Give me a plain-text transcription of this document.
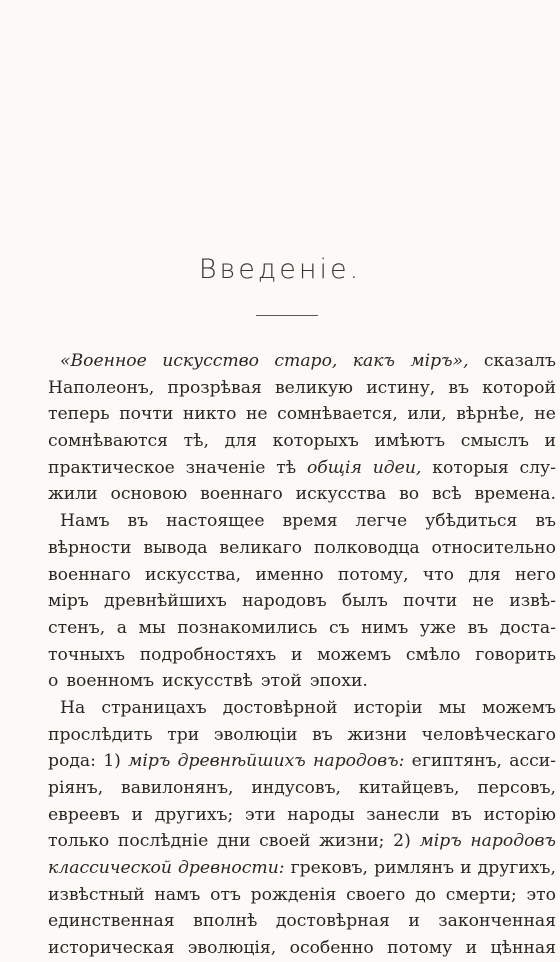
Введенiе.
«Военное искусство старо, какъ мiръ», сказалъ
Наполеонъ, прозрѣвая великую истину, въ которой
теперь почти никто не сомнѣвается, или, вѣрнѣе, не
сомнѣваются тѣ, для которыхъ имѣютъ смыслъ и
практическое значенiе тѣ общiя идеи, которыя слу-
жили основою военнаго искусства во всѣ времена.
Намъ въ настоящее время легче убѣдиться въ
вѣрности вывода великаго полководца относительно
военнаго искусства, именно потому, что для него
мiръ древнѣйшихъ народовъ былъ почти не извѣ-
стенъ, а мы познакомились съ нимъ уже въ доста-
точныхъ подробностяхъ и можемъ смѣло говорить
о военномъ искусствѣ этой эпохи.
На страницахъ достовѣрной исторiи мы можемъ
прослѣдить три эволюцiи въ жизни человѣческаго
рода: 1) мiръ древнѣйшихъ народовъ: египтянъ, асси-
рiянъ, вавилонянъ, индусовъ, китайцевъ, персовъ,
евреевъ и другихъ; эти народы занесли въ исторiю
только послѣднiе дни своей жизни; 2) мiръ народовъ
классической древности: грековъ, римлянъ и другихъ,
извѣстный намъ отъ рожденiя своего до смерти; это
единственная вполнѣ достовѣрная и законченная
историческая эволюцiя, особенно потому и цѣнная
